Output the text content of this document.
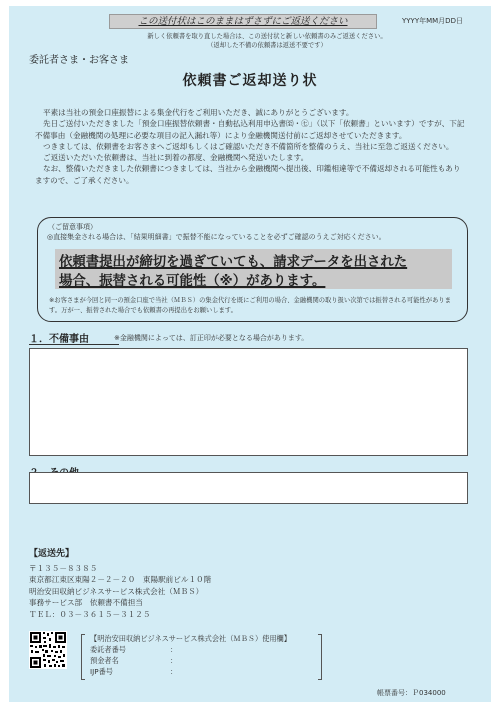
この送付状はこのままはずさずにご返送ください	YYYY年MM月DD日
新しく依頼書を取り直した場合は、この送付状と新しい依頼書のみご返送ください。
（返却した不備の依頼書は返送不要です）
委託者さま・お客さま
依頼書ご返却送り状

平素は当社の預金口座振替による集金代行をご利用いただき、誠にありがとうございます。

先日ご送付いただきました「預金口座振替依頼書・自動払込利用申込書㉃・㊆」（以下「依頼書」といいます）ですが、下記不備事由（金融機関の処理に必要な項目の記入漏れ等）により金融機関送付前にご返却させていただきます。

つきましては、依頼書をお客さまへご返却もしくはご確認いただき不備箇所を整備のうえ、当社に至急ご返送ください。

ご返送いただいた依頼書は、当社に到着の都度、金融機関へ発送いたします。

なお、整備いただきました依頼書につきましては、当社から金融機関へ提出後、印鑑相違等で不備返却される可能性もありますので、ご了承ください。

（ご留意事項）
◎直接集金される場合は、「結果明細書」で振替不能になっていることを必ずご確認のうえご対応ください。
依頼書提出が締切を過ぎていても、請求データを出された
場合、振替される可能性（※）があります。
※お客さまが今回と同一の預金口座で当社（ＭＢＳ）の集金代行を既にご利用の場合、金融機関の取り扱い次第では振替される可能性があります。万が一、振替された場合でも依頼書の再提出をお願いします。
１．不備事由	※金融機関によっては、訂正印が必要となる場合があります。
【返送先】
〒１３５－８３８５
東京都江東区東陽２－２－２０　東陽駅前ビル１０階
明治安田収納ビジネスサービス株式会社（ＭＢＳ）
事務サービス部　依頼書不備担当
ＴＥＬ：０３－３６１５－３１２５
【明治安田収納ビジネスサービス株式会社（ＭＢＳ）使用欄】
委託者番号	：
預金者名	：
IJP番号	：
帳票番号：Ｐ034000
